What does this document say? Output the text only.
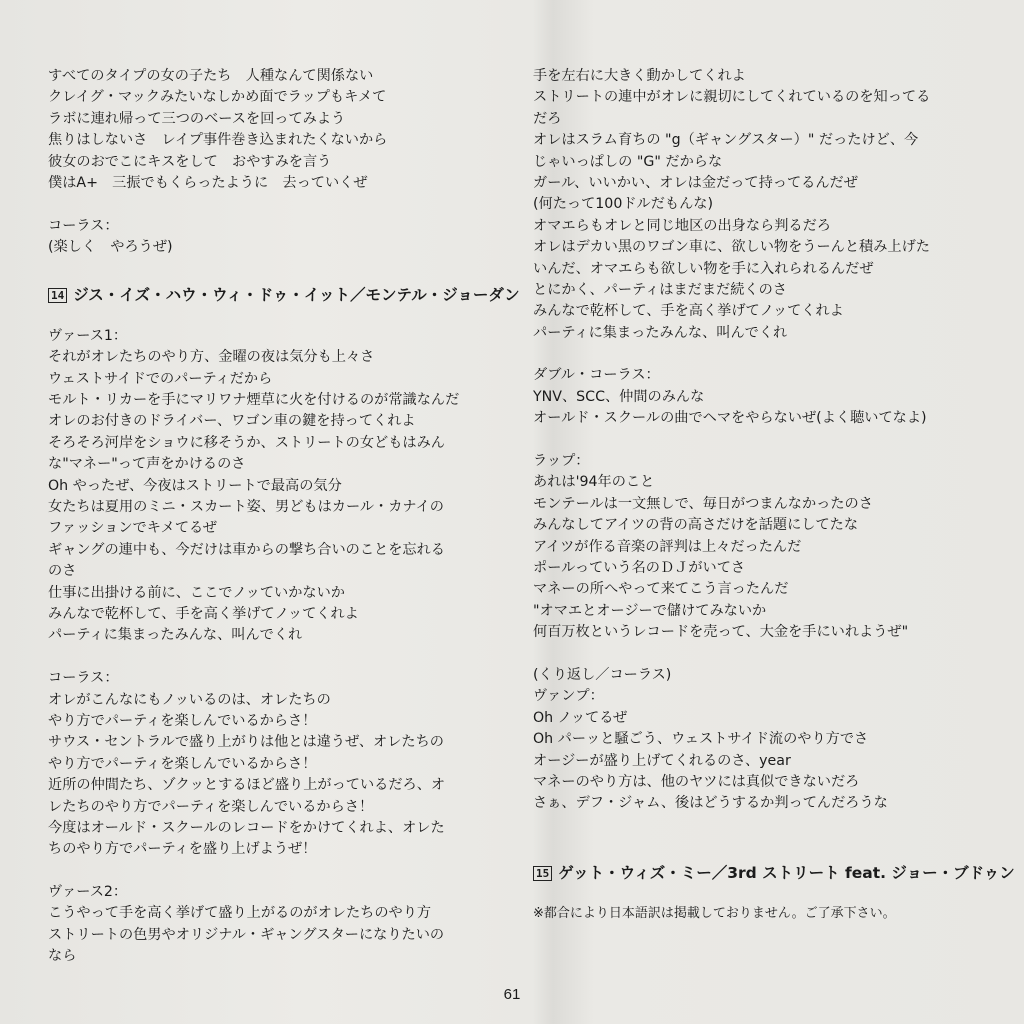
すべてのタイプの女の子たち　人種なんて関係ない
クレイグ・マックみたいなしかめ面でラップもキメて
ラボに連れ帰って三つのベースを回ってみよう
焦りはしないさ　レイプ事件巻き込まれたくないから
彼女のおでこにキスをして　おやすみを言う
僕はA+　三振でもくらったように　去っていくぜ
コーラス：
(楽しく　やろうぜ)
14 ジス・イズ・ハウ・ウィ・ドゥ・イット／モンテル・ジョーダン
ヴァース1：
それがオレたちのやり方、金曜の夜は気分も上々さ
ウェストサイドでのパーティだから
モルト・リカーを手にマリワナ煙草に火を付けるのが常識なんだ
オレのお付きのドライバー、ワゴン車の鍵を持ってくれよ
そろそろ河岸をショウに移そうか、ストリートの女どもはみん
な"マネー"って声をかけるのさ
Oh やったぜ、今夜はストリートで最高の気分
女たちは夏用のミニ・スカート姿、男どもはカール・カナイの
ファッションでキメてるぜ
ギャングの連中も、今だけは車からの撃ち合いのことを忘れる
のさ
仕事に出掛ける前に、ここでノッていかないか
みんなで乾杯して、手を高く挙げてノッてくれよ
パーティに集まったみんな、叫んでくれ
コーラス：
オレがこんなにもノッいるのは、オレたちの
やり方でパーティを楽しんでいるからさ！
サウス・セントラルで盛り上がりは他とは違うぜ、オレたちの
やり方でパーティを楽しんでいるからさ！
近所の仲間たち、ゾクッとするほど盛り上がっているだろ、オ
レたちのやり方でパーティを楽しんでいるからさ！
今度はオールド・スクールのレコードをかけてくれよ、オレた
ちのやり方でパーティを盛り上げようぜ！
ヴァース2：
こうやって手を高く挙げて盛り上がるのがオレたちのやり方
ストリートの色男やオリジナル・ギャングスターになりたいの
なら
手を左右に大きく動かしてくれよ
ストリートの連中がオレに親切にしてくれているのを知ってる
だろ
オレはスラム育ちの "g（ギャングスター）" だったけど、今
じゃいっぱしの "G" だからな
ガール、いいかい、オレは金だって持ってるんだぜ
(何たって100ドルだもんな)
オマエらもオレと同じ地区の出身なら判るだろ
オレはデカい黒のワゴン車に、欲しい物をうーんと積み上げた
いんだ、オマエらも欲しい物を手に入れられるんだぜ
とにかく、パーティはまだまだ続くのさ
みんなで乾杯して、手を高く挙げてノッてくれよ
パーティに集まったみんな、叫んでくれ
ダブル・コーラス：
YNV、SCC、仲間のみんな
オールド・スクールの曲でヘマをやらないぜ(よく聴いてなよ)
ラップ：
あれは'94年のこと
モンテールは一文無しで、毎日がつまんなかったのさ
みんなしてアイツの背の高さだけを話題にしてたな
アイツが作る音楽の評判は上々だったんだ
ポールっていう名のＤＪがいてさ
マネーの所へやって来てこう言ったんだ
"オマエとオージーで儲けてみないか
何百万枚というレコードを売って、大金を手にいれようぜ"
(くり返し／コーラス)
ヴァンプ：
Oh ノッてるぜ
Oh パーッと騒ごう、ウェストサイド流のやり方でさ
オージーが盛り上げてくれるのさ、year
マネーのやり方は、他のヤツには真似できないだろ
さぁ、デフ・ジャム、後はどうするか判ってんだろうな
15 ゲット・ウィズ・ミー／3rd ストリート feat. ジョー・ブドゥン
※都合により日本語訳は掲載しておりません。ご了承下さい。
61
